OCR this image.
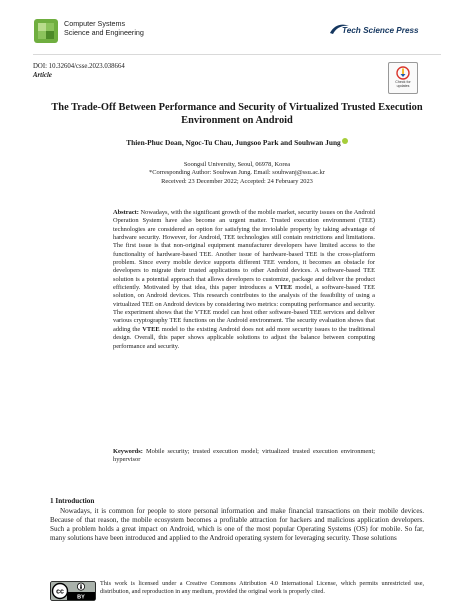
Computer Systems
Science and Engineering	Tech Science Press
DOI: 10.32604/csse.2023.038664
Article
Check for
updates
The Trade-Off Between Performance and Security of Virtualized Trusted Execution Environment on Android
Thien-Phuc Doan, Ngoc-Tu Chau, Jungsoo Park and Souhwan Jung
Soongsil University, Seoul, 06978, Korea
*Corresponding Author: Souhwan Jung. Email: souhwanj@ssu.ac.kr
Received: 23 December 2022; Accepted: 24 February 2023
Abstract: Nowadays, with the significant growth of the mobile market, security issues on the Android Operation System have also become an urgent matter. Trusted execution environment (TEE) technologies are considered an option for satisfying the inviolable property by taking advantage of hardware security. However, for Android, TEE technologies still contain restrictions and limitations. The first issue is that non-original equipment manufacturer developers have limited access to the functionality of hardware-based TEE. Another issue of hardware-based TEE is the cross-platform problem. Since every mobile device supports different TEE vendors, it becomes an obstacle for developers to migrate their trusted applications to other Android devices. A software-based TEE solution is a potential approach that allows developers to customize, package and deliver the product efficiently. Motivated by that idea, this paper introduces a VTEE model, a software-based TEE solution, on Android devices. This research contributes to the analysis of the feasibility of using a virtualized TEE on Android devices by considering two metrics: computing performance and security. The experiment shows that the VTEE model can host other software-based TEE services and deliver various cryptography TEE functions on the Android environment. The security evaluation shows that adding the VTEE model to the existing Android does not add more security issues to the traditional design. Overall, this paper shows applicable solutions to adjust the balance between computing performance and security.
Keywords: Mobile security; trusted execution model; virtualized trusted execution environment; hypervisor
1 Introduction
Nowadays, it is common for people to store personal information and make financial transactions on their mobile devices. Because of that reason, the mobile ecosystem becomes a profitable attraction for hackers and malicious application developers. Such a problem holds a great impact on Android, which is one of the most popular Operating Systems (OS) for mobile. So far, many solutions have been introduced and applied to the Android operating system for leveraging security. Those solutions
cc
BY
This work is licensed under a Creative Commons Attribution 4.0 International License, which permits unrestricted use, distribution, and reproduction in any medium, provided the original work is properly cited.
